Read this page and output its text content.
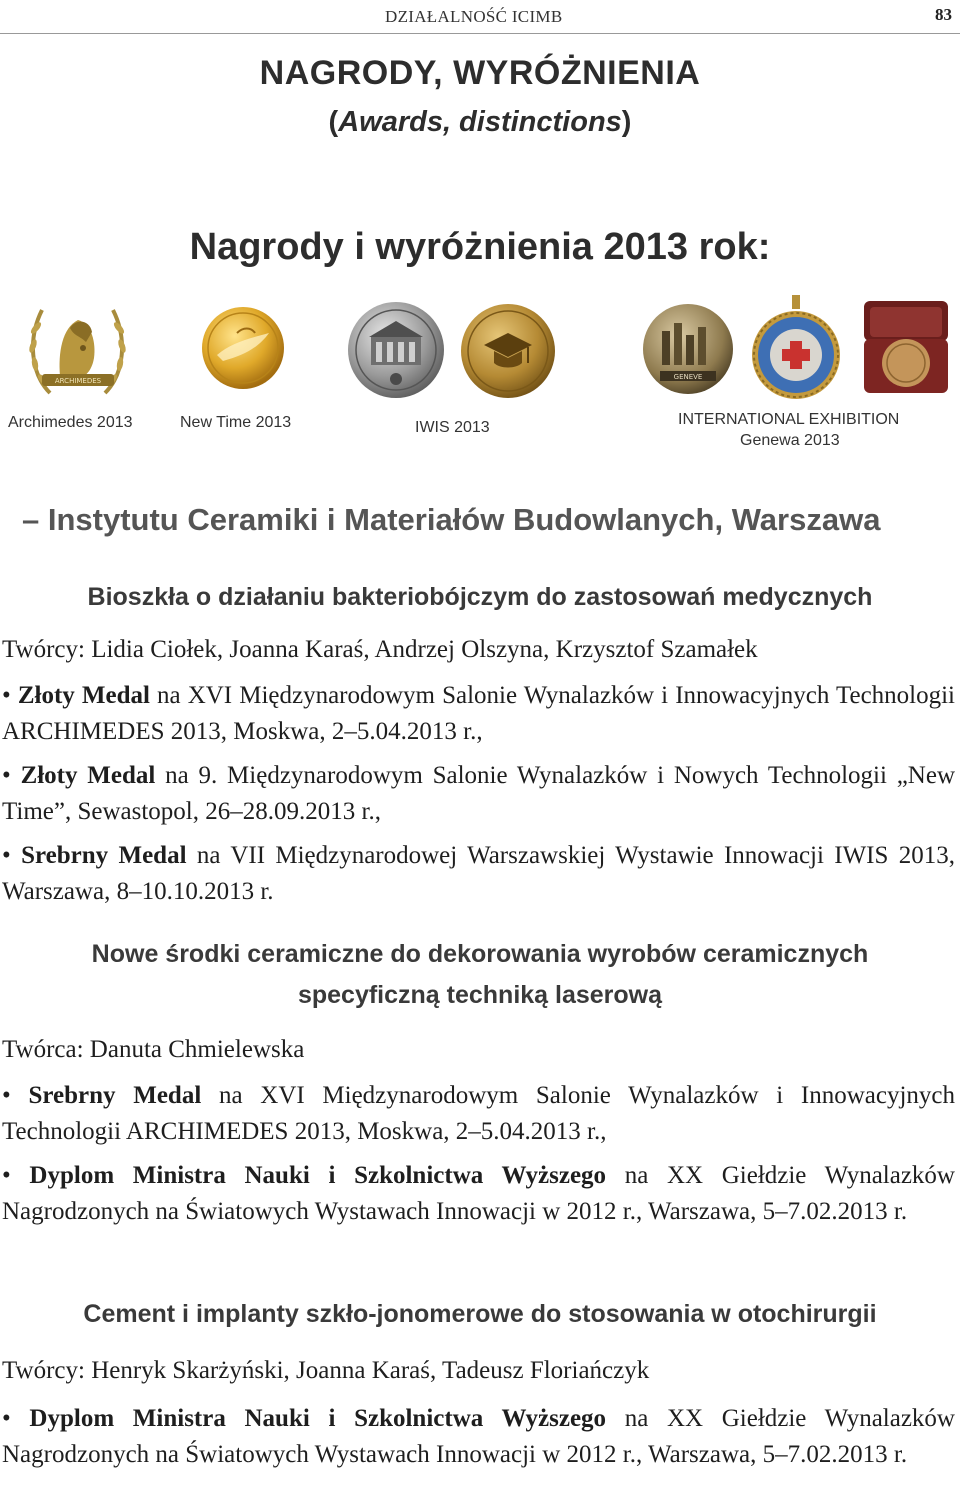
DZIAŁALNOŚĆ ICIMB	83
NAGRODY, WYRÓŻNIENIA
(Awards, distinctions)
Nagrody i wyróżnienia 2013 rok:
ARCHIMEDES
Archimedes 2013	New Time 2013	IWIS 2013
GENEVE
INTERNATIONAL EXHIBITION
Genewa 2013
– Instytutu Ceramiki i Materiałów Budowlanych, Warszawa
Bioszkła o działaniu bakteriobójczym do zastosowań medycznych
Twórcy: Lidia Ciołek, Joanna Karaś, Andrzej Olszyna, Krzysztof Szamałek
• Złoty Medal na XVI Międzynarodowym Salonie Wynalazków i Innowacyjnych Technologii ARCHIMEDES 2013, Moskwa, 2–5.04.2013 r.,
• Złoty Medal na 9. Międzynarodowym Salonie Wynalazków i Nowych Technologii „New Time”, Sewastopol, 26–28.09.2013 r.,
• Srebrny Medal na VII Międzynarodowej Warszawskiej Wystawie Innowacji IWIS 2013, Warszawa, 8–10.10.2013 r.
Nowe środki ceramiczne do dekorowania wyrobów ceramicznych
specyficzną techniką laserową
Twórca: Danuta Chmielewska
• Srebrny Medal na XVI Międzynarodowym Salonie Wynalazków i Innowacyjnych Technologii ARCHIMEDES 2013, Moskwa, 2–5.04.2013 r.,
• Dyplom Ministra Nauki i Szkolnictwa Wyższego na XX Giełdzie Wynalazków Nagrodzonych na Światowych Wystawach Innowacji w 2012 r., Warszawa, 5–7.02.2013 r.
Cement i implanty szkło-jonomerowe do stosowania w otochirurgii
Twórcy: Henryk Skarżyński, Joanna Karaś, Tadeusz Floriańczyk
• Dyplom Ministra Nauki i Szkolnictwa Wyższego na XX Giełdzie Wynalazków Nagrodzonych na Światowych Wystawach Innowacji w 2012 r., Warszawa, 5–7.02.2013 r.
